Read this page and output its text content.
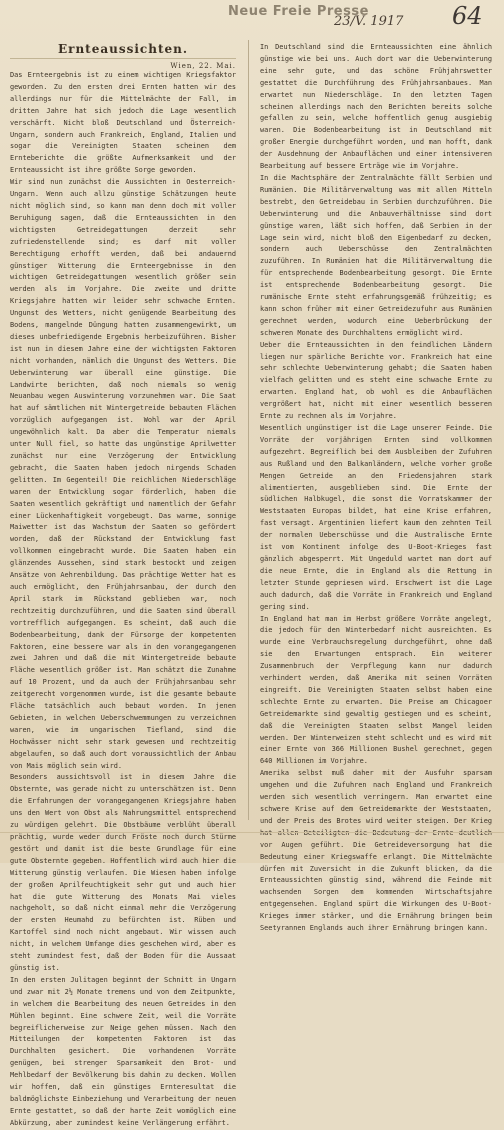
Neue Freie Presse
23/V. 1917 64
Ernteaussichten.
Wien, 22. Mai.
Das Ernteergebnis ist zu einem wichtigen Kriegsfaktor geworden. Zu den ersten drei Ernten hatten wir des allerdings nur für die Mittelmächte der Fall, im dritten Jahre hat sich jedoch die Lage wesentlich verschärft. Nicht bloß Deutschland und Österreich-Ungarn, sondern auch Frankreich, England, Italien und sogar die Vereinigten Staaten scheinen dem Ernteberichte die größte Aufmerksamkeit und der Ernteaussicht ist ihre größte Sorge geworden.
Wir sind nun zunächst die Aussichten in Oesterreich-Ungarn. Wenn auch allzu günstige Schätzungen heute nicht möglich sind, so kann man denn doch mit voller Beruhigung sagen, daß die Ernteaussichten in den wichtigsten Getreidegattungen derzeit sehr zufriedenstellende sind; es darf mit voller Berechtigung erhofft werden, daß bei andauernd günstiger Witterung die Ernteergebnisse in den wichtigen Getreidegattungen wesentlich größer sein werden als im Vorjahre. Die zweite und dritte Kriegsjahre hatten wir leider sehr schwache Ernten. Ungunst des Wetters, nicht genügende Bearbeitung des Bodens, mangelnde Düngung hatten zusammengewirkt, um dieses unbefriedigende Ergebnis herbeizuführen. Bisher ist nun in diesem Jahre eine der wichtigsten Faktoren nicht vorhanden, nämlich die Ungunst des Wetters. Die Ueberwinterung war überall eine günstige. Die Landwirte berichten, daß noch niemals so wenig Neuanbau wegen Auswinterung vorzunehmen war. Die Saat hat auf sämtlichen mit Wintergetreide bebauten Flächen vorzüglich aufgegangen ist. Wohl war der April ungewöhnlich kalt. Da aber die Temperatur niemals unter Null fiel, so hatte das ungünstige Aprilwetter zunächst nur eine Verzögerung der Entwicklung gebracht, die Saaten haben jedoch nirgends Schaden gelitten. Im Gegenteil! Die reichlichen Niederschläge waren der Entwicklung sogar förderlich, haben die Saaten wesentlich gekräftigt und namentlich der Gefahr einer Lückenhaftigkeit vorgebeugt. Das warme, sonnige Maiwetter ist das Wachstum der Saaten so gefördert worden, daß der Rückstand der Entwicklung fast vollkommen eingebracht wurde. Die Saaten haben ein glänzendes Aussehen, sind stark bestockt und zeigen Ansätze von Aehrenbildung. Das prächtige Wetter hat es auch ermöglicht, den Frühjahrsanbau, der durch den April stark im Rückstand geblieben war, noch rechtzeitig durchzuführen, und die Saaten sind überall vortrefflich aufgegangen. Es scheint, daß auch die Bodenbearbeitung, dank der Fürsorge der kompetenten Faktoren, eine bessere war als in den vorangegangenen zwei Jahren und daß die mit Wintergetreide bebaute Fläche wesentlich größer ist. Man schätzt die Zunahme auf 10 Prozent, und da auch der Frühjahrsanbau sehr zeitgerecht vorgenommen wurde, ist die gesamte bebaute Fläche tatsächlich auch bebaut worden. In jenen Gebieten, in welchen Ueberschwemmungen zu verzeichnen waren, wie im ungarischen Tiefland, sind die Hochwässer nicht sehr stark gewesen und rechtzeitig abgelaufen, so daß auch dort voraussichtlich der Anbau von Mais möglich sein wird.
Besonders aussichtsvoll ist in diesem Jahre die Obsternte, was gerade nicht zu unterschätzen ist. Denn die Erfahrungen der vorangegangenen Kriegsjahre haben uns den Wert von Obst als Nahrungsmittel entsprechend zu würdigen gelehrt. Die Obstbäume verblüht überall prächtig, wurde weder durch Fröste noch durch Stürme gestört und damit ist die beste Grundlage für eine gute Obsternte gegeben. Hoffentlich wird auch hier die Witterung günstig verlaufen. Die Wiesen haben infolge der großen Aprilfeuchtigkeit sehr gut und auch hier hat die gute Witterung des Monats Mai vieles nachgeholt, so daß nicht einmal mehr die Verzögerung der ersten Heumahd zu befürchten ist. Rüben und Kartoffel sind noch nicht angebaut. Wir wissen auch nicht, in welchem Umfange dies geschehen wird, aber es steht zumindest fest, daß der Boden für die Aussaat günstig ist.
In den ersten Julitagen beginnt der Schnitt in Ungarn und zwar mit 2½ Monate tremens und von dem Zeitpunkte, in welchem die Bearbeitung des neuen Getreides in den Mühlen beginnt. Eine schwere Zeit, weil die Vorräte begreiflicherweise zur Neige gehen müssen. Nach den Mitteilungen der kompetenten Faktoren ist das Durchhalten gesichert. Die vorhandenen Vorräte genügen, bei strenger Sparsamkeit den Brot- und Mehlbedarf der Bevölkerung bis dahin zu decken. Wollen wir hoffen, daß ein günstiges Ernteresultat die baldmöglichste Einbeziehung und Verarbeitung der neuen Ernte gestattet, so daß der harte Zeit womöglich eine Abkürzung, aber zumindest keine Verlängerung erfährt.
In Deutschland sind die Ernteaussichten eine ähnlich günstige wie bei uns. Auch dort war die Ueberwinterung eine sehr gute, und das schöne Frühjahrswetter gestattet die Durchführung des Frühjahrsanbaues. Man erwartet nun Niederschläge. In den letzten Tagen scheinen allerdings nach den Berichten bereits solche gefallen zu sein, welche hoffentlich genug ausgiebig waren. Die Bodenbearbeitung ist in Deutschland mit großer Energie durchgeführt worden, und man hofft, dank der Ausdehnung der Anbauflächen und einer intensiveren Bearbeitung auf bessere Erträge wie im Vorjahre.
In die Machtsphäre der Zentralmächte fällt Serbien und Rumänien. Die Militärverwaltung was mit allen Mitteln bestrebt, den Getreidebau in Serbien durchzuführen. Die Ueberwinterung und die Anbauverhältnisse sind dort günstige waren, läßt sich hoffen, daß Serbien in der Lage sein wird, nicht bloß den Eigenbedarf zu decken, sondern auch Ueberschüsse den Zentralmächten zuzuführen. In Rumänien hat die Militärverwaltung die für entsprechende Bodenbearbeitung gesorgt. Die Ernte ist entsprechende Bodenbearbeitung gesorgt. Die rumänische Ernte steht erfahrungsgemäß frühzeitig; es kann schon früher mit einer Getreidezufuhr aus Rumänien gerechnet werden, wodurch eine Ueberbrückung der schweren Monate des Durchhaltens ermöglicht wird.
Ueber die Ernteaussichten in den feindlichen Ländern liegen nur spärliche Berichte vor. Frankreich hat eine sehr schlechte Ueberwinterung gehabt; die Saaten haben vielfach gelitten und es steht eine schwache Ernte zu erwarten. England hat, ob wohl es die Anbauflächen vergrößert hat, nicht mit einer wesentlich besseren Ernte zu rechnen als im Vorjahre.
Wesentlich ungünstiger ist die Lage unserer Feinde. Die Vorräte der vorjährigen Ernten sind vollkommen aufgezehrt. Begreiflich bei dem Ausbleiben der Zufuhren aus Rußland und den Balkanländern, welche vorher große Mengen Getreide an den Friedensjahren stark alimentierten, ausgeblieben sind. Die Ernte der südlichen Halbkugel, die sonst die Vorratskammer der Weststaaten Europas bildet, hat eine Krise erfahren, fast versagt. Argentinien liefert kaum den zehnten Teil der normalen Ueberschüsse und die Australische Ernte ist vom Kontinent infolge des U-Boot-Krieges fast gänzlich abgesperrt. Mit Ungeduld wartet man dort auf die neue Ernte, die in England als die Rettung in letzter Stunde gepriesen wird. Erschwert ist die Lage auch dadurch, daß die Vorräte in Frankreich und England gering sind.
In England hat man im Herbst größere Vorräte angelegt, die jedoch für den Winterbedarf nicht ausreichten. Es wurde eine Verbrauchsregelung durchgeführt, ohne daß sie den Erwartungen entsprach. Ein weiterer Zusammenbruch der Verpflegung kann nur dadurch verhindert werden, daß Amerika mit seinen Vorräten eingreift. Die Vereinigten Staaten selbst haben eine schlechte Ernte zu erwarten. Die Preise am Chicagoer Getreidemarkte sind gewaltig gestiegen und es scheint, daß die Vereinigten Staaten selbst Mangel leiden werden. Der Winterweizen steht schlecht und es wird mit einer Ernte von 366 Millionen Bushel gerechnet, gegen 640 Millionen im Vorjahre.
Amerika selbst muß daher mit der Ausfuhr sparsam umgehen und die Zufuhren nach England und Frankreich werden sich wesentlich verringern. Man erwartet eine schwere Krise auf dem Getreidemarkte der Weststaaten, und der Preis des Brotes wird weiter steigen. Der Krieg vor Augen geführt. Die Getreideversorgung hat die Bedeutung einer Kriegswaffe erlangt. Die Mittelmächte dürfen mit Zuversicht in die Zukunft blicken, da die Ernteaussichten günstig sind, während die Feinde mit wachsenden Sorgen dem kommenden Wirtschaftsjahre entgegensehen. England spürt die Wirkungen des U-Boot-Krieges immer stärker, und die Ernährung bringen beim Seetyrannen Englands auch ihrer Ernährung bringen kann.
